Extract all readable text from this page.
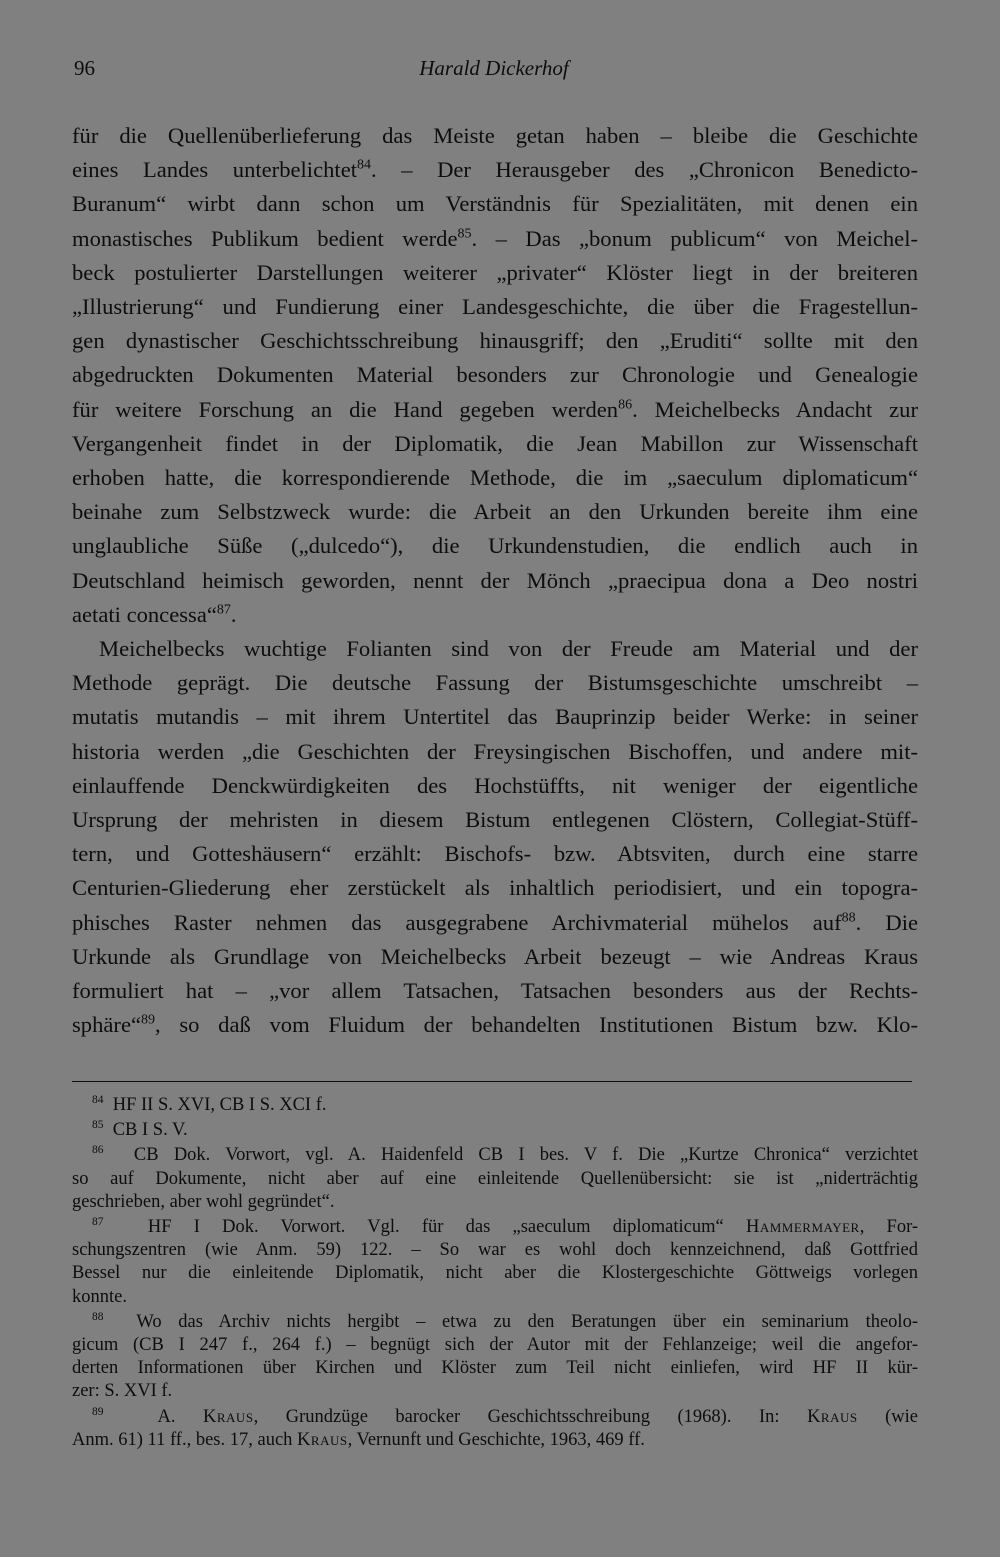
96	Harald Dickerhof
für die Quellenüberlieferung das Meiste getan haben – bleibe die Geschichte
eines Landes unterbelichtet$^{84}$. – Der Herausgeber des „Chronicon Benedicto-
Buranum“ wirbt dann schon um Verständnis für Spezialitäten, mit denen ein
monastisches Publikum bedient werde$^{85}$. – Das „bonum publicum“ von Meichel-
beck postulierter Darstellungen weiterer „privater“ Klöster liegt in der breiteren
„Illustrierung“ und Fundierung einer Landesgeschichte, die über die Fragestellun-
gen dynastischer Geschichtsschreibung hinausgriff; den „Eruditi“ sollte mit den
abgedruckten Dokumenten Material besonders zur Chronologie und Genealogie
für weitere Forschung an die Hand gegeben werden$^{86}$. Meichelbecks Andacht zur
Vergangenheit findet in der Diplomatik, die Jean Mabillon zur Wissenschaft
erhoben hatte, die korrespondierende Methode, die im „saeculum diplomaticum“
beinahe zum Selbstzweck wurde: die Arbeit an den Urkunden bereite ihm eine
unglaubliche Süße („dulcedo“), die Urkundenstudien, die endlich auch in
Deutschland heimisch geworden, nennt der Mönch „praecipua dona a Deo nostri
aetati concessa“$^{87}$.
Meichelbecks wuchtige Folianten sind von der Freude am Material und der
Methode geprägt. Die deutsche Fassung der Bistumsgeschichte umschreibt –
mutatis mutandis – mit ihrem Untertitel das Bauprinzip beider Werke: in seiner
historia werden „die Geschichten der Freysingischen Bischoffen, und andere mit-
einlauffende Denckwürdigkeiten des Hochstüffts, nit weniger der eigentliche
Ursprung der mehristen in diesem Bistum entlegenen Clöstern, Collegiat-Stüff-
tern, und Gotteshäusern“ erzählt: Bischofs- bzw. Abtsviten, durch eine starre
Centurien-Gliederung eher zerstückelt als inhaltlich periodisiert, und ein topogra-
phisches Raster nehmen das ausgegrabene Archivmaterial mühelos auf$^{88}$. Die
Urkunde als Grundlage von Meichelbecks Arbeit bezeugt – wie Andreas Kraus
formuliert hat – „vor allem Tatsachen, Tatsachen besonders aus der Rechts-
sphäre“$^{89}$, so daß vom Fluidum der behandelten Institutionen Bistum bzw. Klo-
$^{84}$ HF II S. XVI, CB I S. XCI f.
$^{85}$ CB I S. V.
$^{86}$ CB Dok. Vorwort, vgl. A. Haidenfeld CB I bes. V f. Die „Kurtze Chronica“ verzichtet
so auf Dokumente, nicht aber auf eine einleitende Quellenübersicht: sie ist „niderträchtig
geschrieben, aber wohl gegründet“.
$^{87}$ HF I Dok. Vorwort. Vgl. für das „saeculum diplomaticum“ Hammermayer, For-
schungszentren (wie Anm. 59) 122. – So war es wohl doch kennzeichnend, daß Gottfried
Bessel nur die einleitende Diplomatik, nicht aber die Klostergeschichte Göttweigs vorlegen
konnte.
$^{88}$ Wo das Archiv nichts hergibt – etwa zu den Beratungen über ein seminarium theolo-
gicum (CB I 247 f., 264 f.) – begnügt sich der Autor mit der Fehlanzeige; weil die angefor-
derten Informationen über Kirchen und Klöster zum Teil nicht einliefen, wird HF II kür-
zer: S. XVI f.
$^{89}$	A. Kraus, Grundzüge barocker Geschichtsschreibung (1968). In: Kraus (wie
Anm. 61) 11 ff., bes. 17, auch Kraus, Vernunft und Geschichte, 1963, 469 ff.
